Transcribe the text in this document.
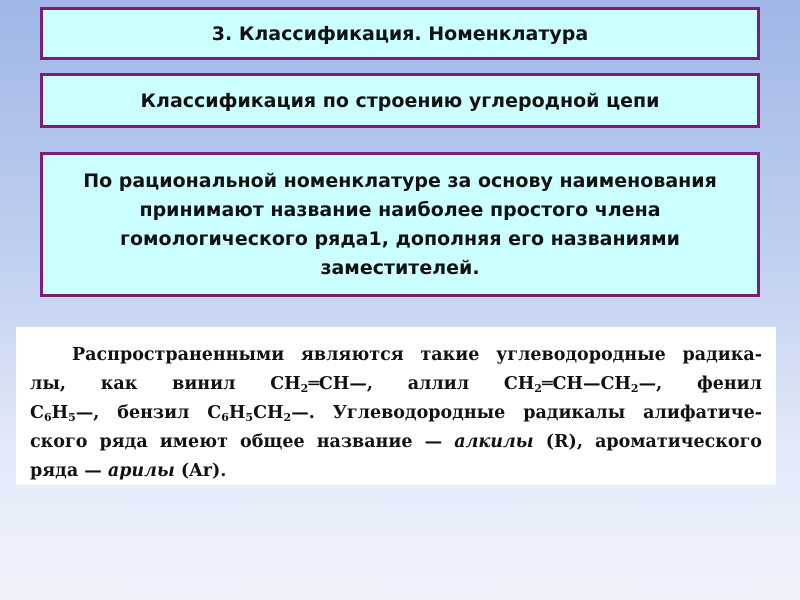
3. Классификация. Номенклатура
Классификация по строению углеродной цепи
По рациональной номенклатуре за основу наименования принимают название наиболее простого члена гомологического ряда1, дополняя его названиями заместителей.
Распространенными являются такие углеводородные радика-
лы, как винил $CH_2═CH—$, аллил $CH_2═CH—CH_2—$, фенил
$C_6H_5—$, бензил $C_6H_5CH_2—$. Углеводородные радикалы алифатиче-
ского ряда имеют общее название — алкилы (R), ароматического
ряда — арилы (Ar).
